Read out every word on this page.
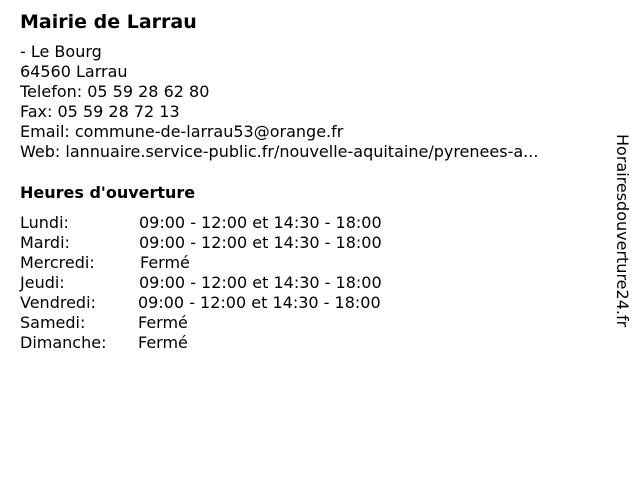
Mairie de Larrau
- Le Bourg
64560 Larrau
Telefon: 05 59 28 62 80
Fax: 05 59 28 72 13
Email: commune-de-larrau53@orange.fr
Web: lannuaire.service-public.fr/nouvelle-aquitaine/pyrenees-a...
Heures d'ouverture
Lundi:	09:00 - 12:00 et 14:30 - 18:00
Mardi:	09:00 - 12:00 et 14:30 - 18:00
Mercredi:	Fermé
Jeudi:	09:00 - 12:00 et 14:30 - 18:00
Vendredi:	09:00 - 12:00 et 14:30 - 18:00
Samedi:	Fermé
Dimanche: Fermé
Horairesdouverture24.fr
